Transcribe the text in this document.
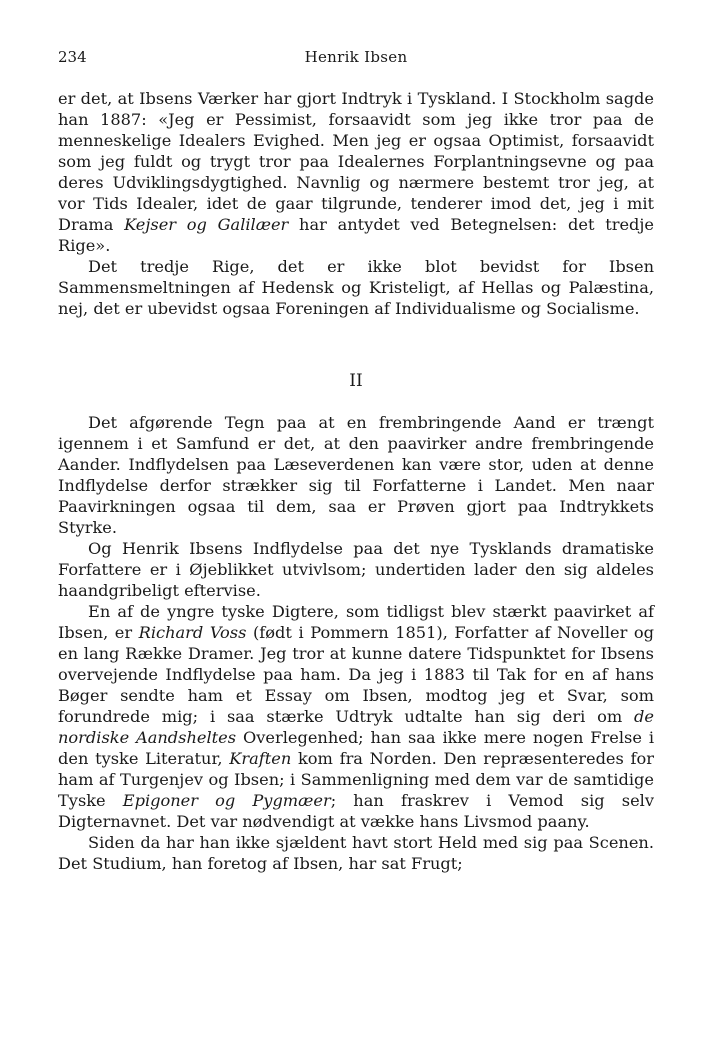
234	Henrik Ibsen

er det, at Ibsens Værker har gjort Indtryk i Tyskland. I Stockholm sagde han 1887: «Jeg er Pessimist, forsaavidt som jeg ikke tror paa de menneskelige Idealers Evighed. Men jeg er ogsaa Optimist, forsaavidt som jeg fuldt og trygt tror paa Idealernes Forplantningsevne og paa deres Udviklingsdygtighed. Navnlig og nærmere bestemt tror jeg, at vor Tids Idealer, idet de gaar tilgrunde, tenderer imod det, jeg i mit Drama Kejser og Galilæer har antydet ved Betegnelsen: det tredje Rige».

Det tredje Rige, det er ikke blot bevidst for Ibsen Sammensmeltningen af Hedensk og Kristeligt, af Hellas og Palæstina, nej, det er ubevidst ogsaa Foreningen af Individualisme og Socialisme.

II

Det afgørende Tegn paa at en frembringende Aand er trængt igennem i et Samfund er det, at den paavirker andre frembringende Aander. Indflydelsen paa Læseverdenen kan være stor, uden at denne Indflydelse derfor strækker sig til Forfatterne i Landet. Men naar Paavirkningen ogsaa til dem, saa er Prøven gjort paa Indtrykkets Styrke.

Og Henrik Ibsens Indflydelse paa det nye Tysklands dramatiske Forfattere er i Øjeblikket utvivlsom; undertiden lader den sig aldeles haandgribeligt eftervise.

En af de yngre tyske Digtere, som tidligst blev stærkt paavirket af Ibsen, er Richard Voss (født i Pommern 1851), Forfatter af Noveller og en lang Række Dramer. Jeg tror at kunne datere Tidspunktet for Ibsens overvejende Indflydelse paa ham. Da jeg i 1883 til Tak for en af hans Bøger sendte ham et Essay om Ibsen, modtog jeg et Svar, som forundrede mig; i saa stærke Udtryk udtalte han sig deri om de nordiske Aandsheltes Overlegenhed; han saa ikke mere nogen Frelse i den tyske Literatur, Kraften kom fra Norden. Den repræsenteredes for ham af Turgenjev og Ibsen; i Sammenligning med dem var de samtidige Tyske Epigoner og Pygmæer; han fraskrev i Vemod sig selv Digternavnet. Det var nødvendigt at vække hans Livsmod paany.

Siden da har han ikke sjældent havt stort Held med sig paa Scenen. Det Studium, han foretog af Ibsen, har sat Frugt;
